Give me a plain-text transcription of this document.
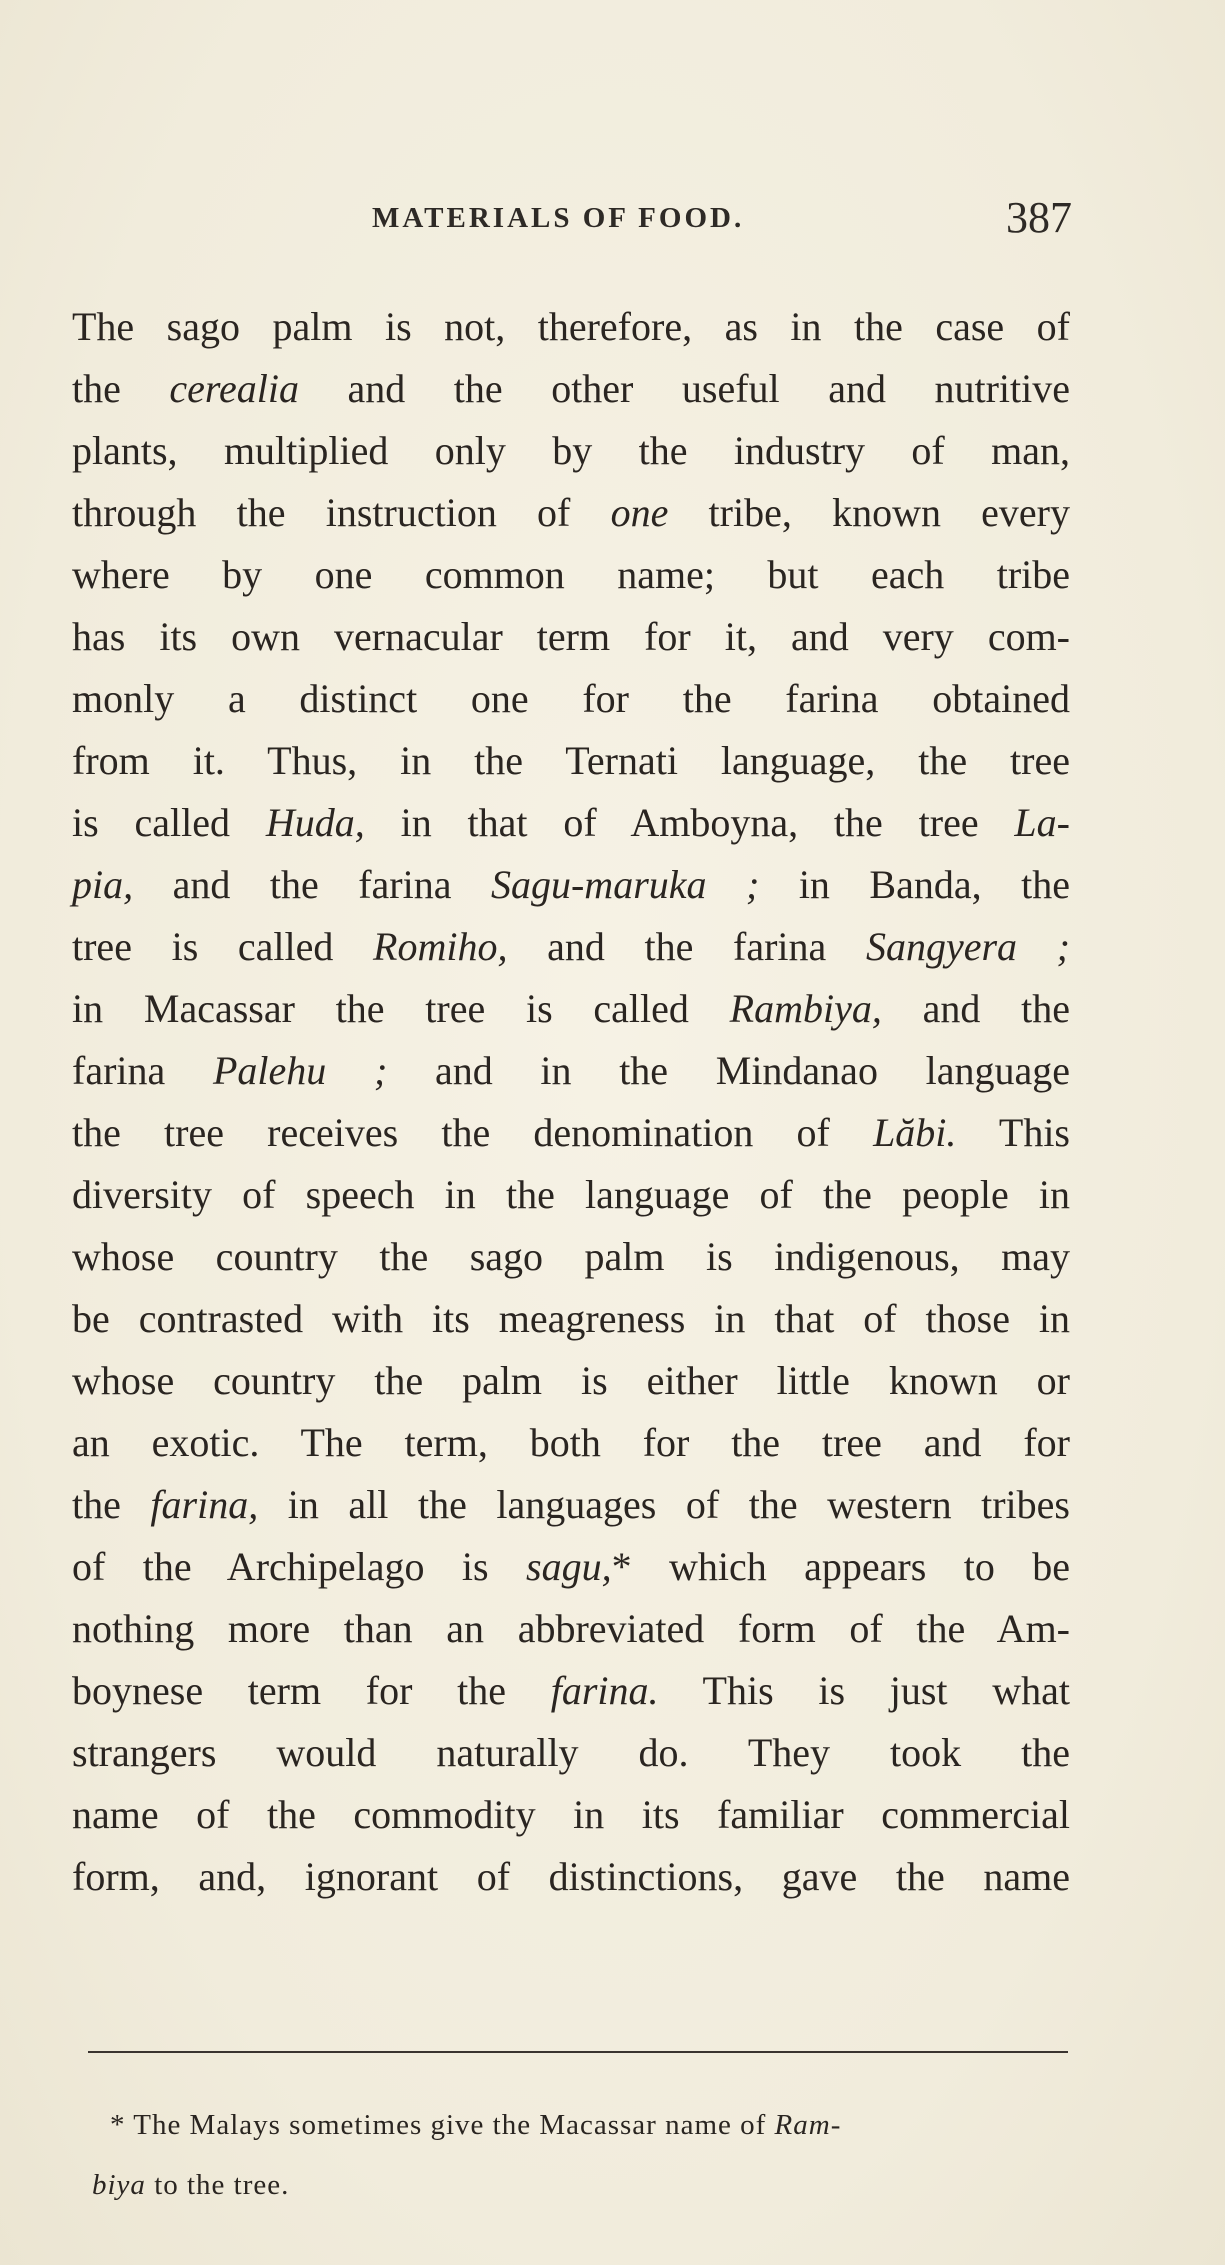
MATERIALS OF FOOD.	387
The sago palm is not, therefore, as in the case of
the cerealia and the other useful and nutritive
plants, multiplied only by the industry of man,
through the instruction of one tribe, known every
where by one common name; but each tribe
has its own vernacular term for it, and very com-
monly a distinct one for the farina obtained
from it. Thus, in the Ternati language, the tree
is called Huda, in that of Amboyna, the tree La-
pia, and the farina Sagu-maruka ; in Banda, the
tree is called Romiho, and the farina Sangyera ;
in Macassar the tree is called Rambiya, and the
farina Palehu ; and in the Mindanao language
the tree receives the denomination of Lăbi. This
diversity of speech in the language of the people in
whose country the sago palm is indigenous, may
be contrasted with its meagreness in that of those in
whose country the palm is either little known or
an exotic. The term, both for the tree and for
the farina, in all the languages of the western tribes
of the Archipelago is sagu,* which appears to be
nothing more than an abbreviated form of the Am-
boynese term for the farina. This is just what
strangers would naturally do. They took the
name of the commodity in its familiar commercial
form, and, ignorant of distinctions, gave the name
* The Malays sometimes give the Macassar name of Ram-
biya to the tree.
